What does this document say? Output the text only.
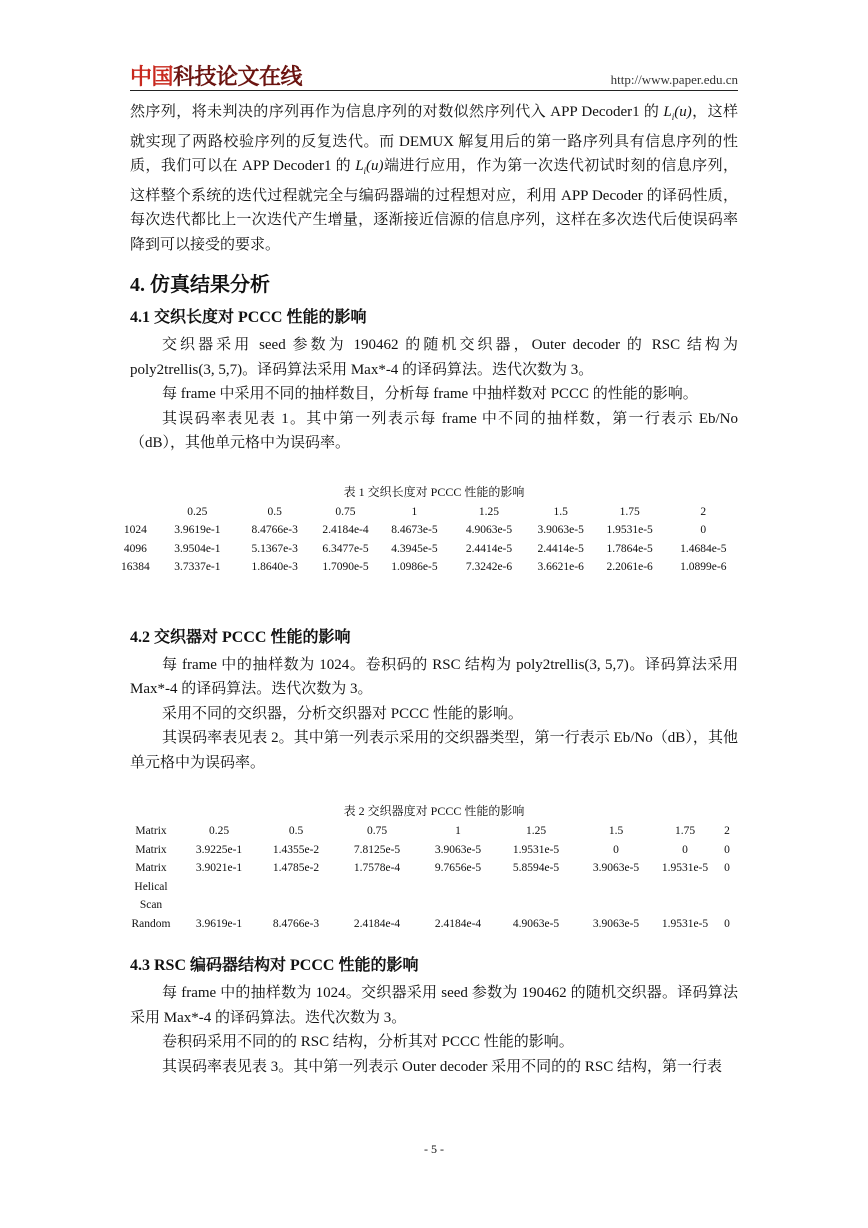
中国科技论文在线	http://www.paper.edu.cn

然序列，将未判决的序列再作为信息序列的对数似然序列代入 APP Decoder1 的 $L_i(u)$，这样就实现了两路校验序列的反复迭代。而 DEMUX 解复用后的第一路序列具有信息序列的性质，我们可以在 APP Decoder1 的 $L_i(u)$端进行应用，作为第一次迭代初试时刻的信息序列，这样整个系统的迭代过程就完全与编码器端的过程想对应，利用 APP Decoder 的译码性质，每次迭代都比上一次迭代产生增量，逐渐接近信源的信息序列，这样在多次迭代后使误码率降到可以接受的要求。

4. 仿真结果分析
4.1 交织长度对 PCCC 性能的影响

交织器采用 seed 参数为 190462 的随机交织器，Outer decoder 的 RSC 结构为 poly2trellis(3, 5,7)。译码算法采用 Max*-4 的译码算法。迭代次数为 3。

每 frame 中采用不同的抽样数目，分析每 frame 中抽样数对 PCCC 的性能的影响。

其误码率表见表 1。其中第一列表示每 frame 中不同的抽样数，第一行表示 Eb/No（dB），其他单元格中为误码率。

表 1 交织长度对 PCCC 性能的影响
	0.25	0.5	0.75	1	1.25	1.5	1.75	2
1024	3.9619e-1	8.4766e-3	2.4184e-4	8.4673e-5	4.9063e-5	3.9063e-5	1.9531e-5	0
4096	3.9504e-1	5.1367e-3	6.3477e-5	4.3945e-5	2.4414e-5	2.4414e-5	1.7864e-5	1.4684e-5
16384	3.7337e-1	1.8640e-3	1.7090e-5	1.0986e-5	7.3242e-6	3.6621e-6	2.2061e-6	1.0899e-6
4.2 交织器对 PCCC 性能的影响

每 frame 中的抽样数为 1024。卷积码的 RSC 结构为 poly2trellis(3, 5,7)。译码算法采用 Max*-4 的译码算法。迭代次数为 3。

采用不同的交织器，分析交织器对 PCCC 性能的影响。

其误码率表见表 2。其中第一列表示采用的交织器类型，第一行表示 Eb/No（dB），其他单元格中为误码率。

表 2 交织器度对 PCCC 性能的影响
Matrix	0.25	0.5	0.75	1	1.25	1.5	1.75	2
Matrix	3.9225e-1	1.4355e-2	7.8125e-5	3.9063e-5	1.9531e-5	0	0	0
Matrix Helical Scan	3.9021e-1	1.4785e-2	1.7578e-4	9.7656e-5	5.8594e-5	3.9063e-5	1.9531e-5	0
Random	3.9619e-1	8.4766e-3	2.4184e-4	2.4184e-4	4.9063e-5	3.9063e-5	1.9531e-5	0
4.3 RSC 编码器结构对 PCCC 性能的影响

每 frame 中的抽样数为 1024。交织器采用 seed 参数为 190462 的随机交织器。译码算法采用 Max*-4 的译码算法。迭代次数为 3。

卷积码采用不同的的 RSC 结构，分析其对 PCCC 性能的影响。

其误码率表见表 3。其中第一列表示 Outer decoder 采用不同的的 RSC 结构，第一行表

- 5 -
